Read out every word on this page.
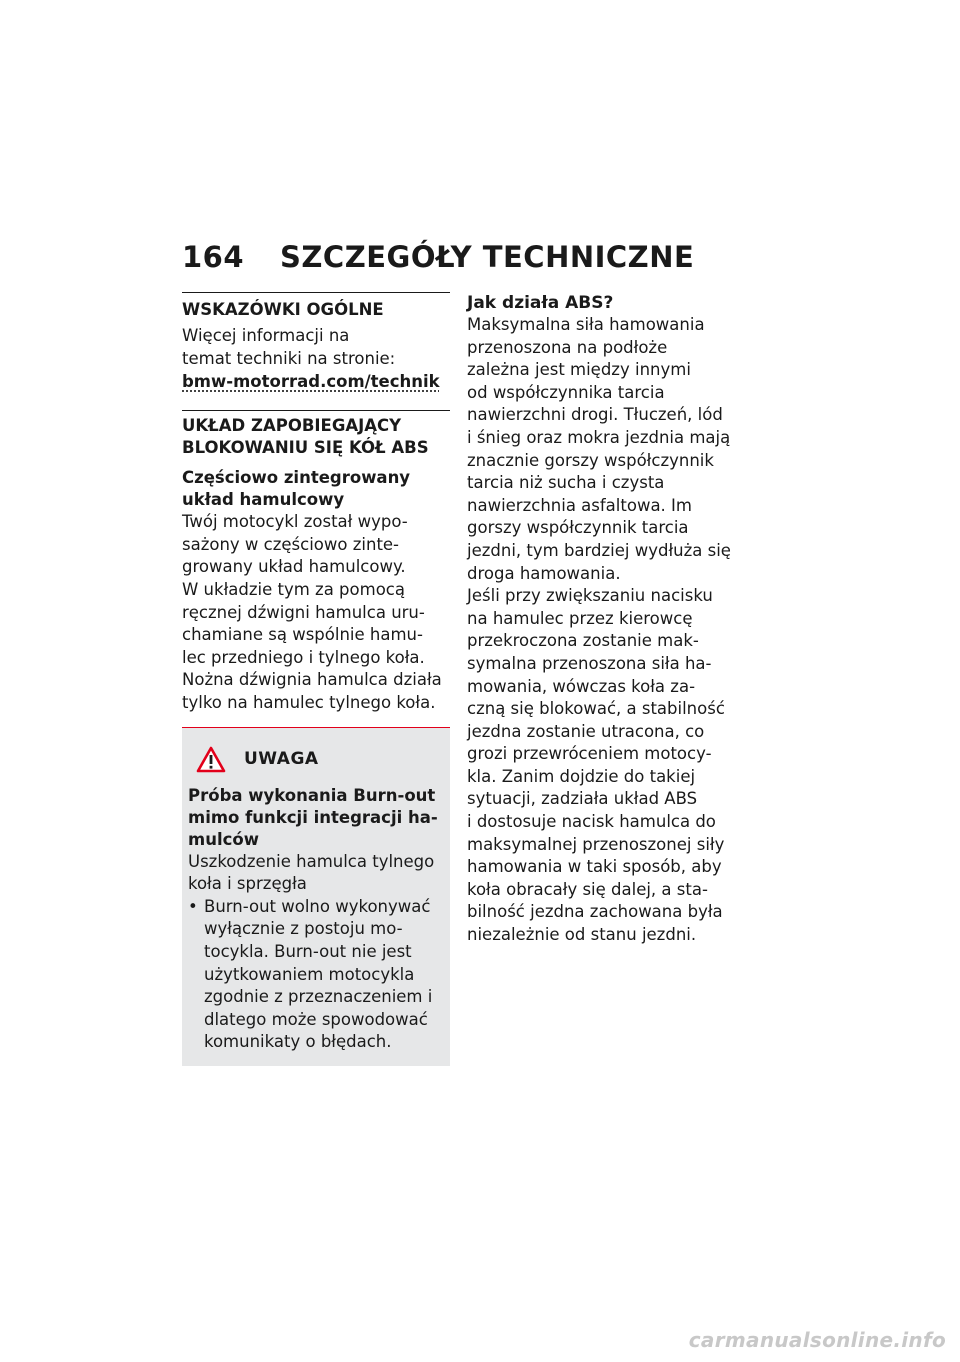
164 SZCZEGÓŁY TECHNICZNE
WSKAZÓWKI OGÓLNE

Więcej informacji na
temat techniki na stronie:

bmw-motorrad.com/technik
UKŁAD ZAPOBIEGAJĄCY
BLOKOWANIU SIĘ KÓŁ ABS
Częściowo zintegrowany
układ hamulcowy

Twój motocykl został wypo-
sażony w częściowo zinte-
growany układ hamulcowy.
W układzie tym za pomocą
ręcznej dźwigni hamulca uru-
chamiane są wspólnie hamu-
lec przedniego i tylnego koła.
Nożna dźwignia hamulca działa
tylko na hamulec tylnego koła.

UWAGA
Próba wykonania Burn-out
mimo funkcji integracji ha-
mulców

Uszkodzenie hamulca tylnego
koła i sprzęgła

• Burn-out wolno wykonywać
wyłącznie z postoju mo-
tocykla. Burn-out nie jest
użytkowaniem motocykla
zgodnie z przeznaczeniem i
dlatego może spowodować
komunikaty o błędach.
Jak działa ABS?

Maksymalna siła hamowania
przenoszona na podłoże
zależna jest między innymi
od współczynnika tarcia
nawierzchni drogi. Tłuczeń, lód
i śnieg oraz mokra jezdnia mają
znacznie gorszy współczynnik
tarcia niż sucha i czysta
nawierzchnia asfaltowa. Im
gorszy współczynnik tarcia
jezdni, tym bardziej wydłuża się
droga hamowania.

Jeśli przy zwiększaniu nacisku
na hamulec przez kierowcę
przekroczona zostanie mak-
symalna przenoszona siła ha-
mowania, wówczas koła za-
czną się blokować, a stabilność
jezdna zostanie utracona, co
grozi przewróceniem motocy-
kla. Zanim dojdzie do takiej
sytuacji, zadziała układ ABS
i dostosuje nacisk hamulca do
maksymalnej przenoszonej siły
hamowania w taki sposób, aby
koła obracały się dalej, a sta-
bilność jezdna zachowana była
niezależnie od stanu jezdni.

carmanualsonline.info
